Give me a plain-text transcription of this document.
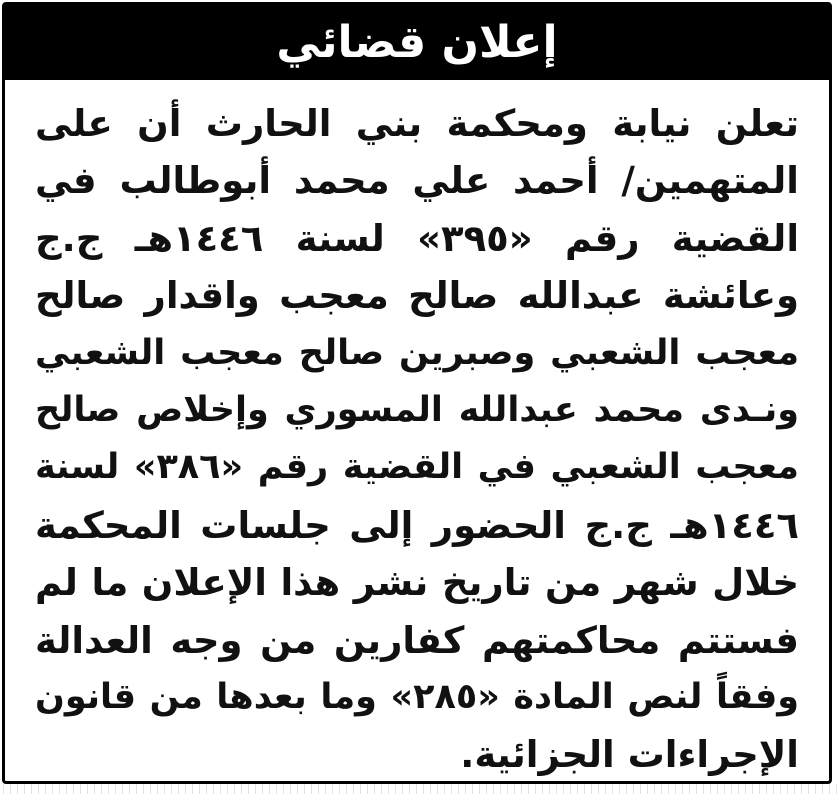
إعلان قضائي
تعلن نيابة ومحكمة بني الحارث أن على
المتهمين/ أحمد علي محمد أبوطالب في
القضية رقم «٣٩٥» لسنة ١٤٤٦هـ ج.ج
وعائشة عبدالله صالح معجب واقدار صالح
معجب الشعبي وصبرين صالح معجب الشعبي
ونـدى محمد عبدالله المسوري وإخلاص صالح
معجب الشعبي في القضية رقم «٣٨٦» لسنة
١٤٤٦هـ ج.ج الحضور إلى جلسات المحكمة
خلال شهر من تاريخ نشر هذا الإعلان ما لم
فستتم محاكمتهم كفارين من وجه العدالة
وفقاً لنص المادة «٢٨٥» وما بعدها من قانون
الإجراءات الجزائية.
